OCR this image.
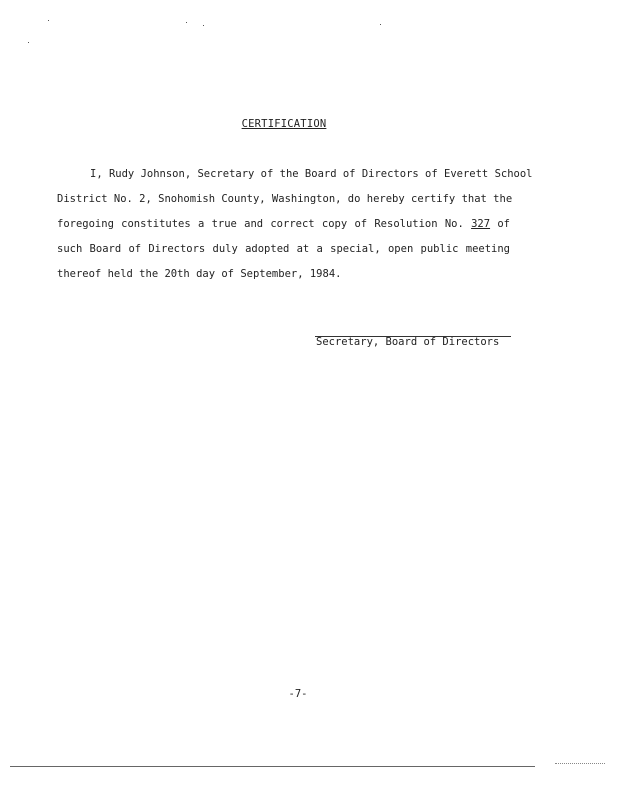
CERTIFICATION
I, Rudy Johnson, Secretary of the Board of Directors of Everett School
District No. 2, Snohomish County, Washington, do hereby certify that the
foregoing constitutes a true and correct copy of Resolution No. 327 of
such Board of Directors duly adopted at a special, open public meeting
thereof held the 20th day of September, 1984.
Secretary, Board of Directors
-7-
